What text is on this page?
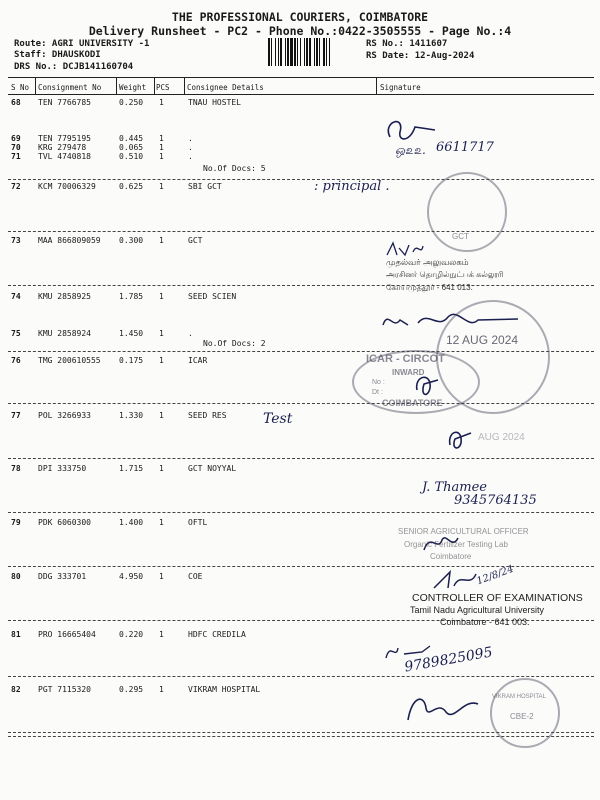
THE PROFESSIONAL COURIERS, COIMBATORE
Delivery Runsheet - PC2 - Phone No.:0422-3505555 - Page No.:4
Route: AGRI UNIVERSITY -1
Staff: DHAUSKODI
DRS No.: DCJB141160704
RS No.: 1411607
RS Date: 12-Aug-2024
S No Consignment No Weight PCS Consignee Details	Signature
68 TEN 7766785	0.250 1	TNAU HOSTEL
69 TEN 7795195	0.445 1	.
70 KRG 279478	0.065 1	.
71 TVL 4740818	0.510 1	.
72 KCM 70006329	0.625 1	SBI GCT
73 MAA 866809059 0.300 1	GCT
74 KMU 2858925	1.785 1	SEED SCIEN
75 KMU 2858924	1.450 1	.
76 TMG 200610555 0.175 1	ICAR
77 POL 3266933	1.330 1	SEED RES
78 DPI 333750	1.715 1	GCT NOYYAL
79 PDK 6060300	1.400 1	OFTL
80 DDG 333701	4.950 1	COE
81 PRO 16665404	0.220 1	HDFC CREDILA
82 PGT 7115320	0.295 1	VIKRAM HOSPITAL
No.Of Docs: 5
No.Of Docs: 2
ஒ௨௨. 6611717
: principal .
Test
J. Thamee
9345764135
9789825095
12/8/24
GCT
முதல்வர் அலுவலகம்
அரசினர் தொழில்நுட்பக் கல்லூரி
கோயமுத்தூர் - 641 013.
12 AUG 2024
ICAR - CIRCOT
INWARD
No :
Dt :
COIMBATORE
AUG 2024
SENIOR AGRICULTURAL OFFICER
Organic Fertilizer Testing Lab
Coimbatore
CONTROLLER OF EXAMINATIONS
Tamil Nadu Agricultural University
Coimbatore - 641 003.
VIKRAM HOSPITAL
CBE-2
